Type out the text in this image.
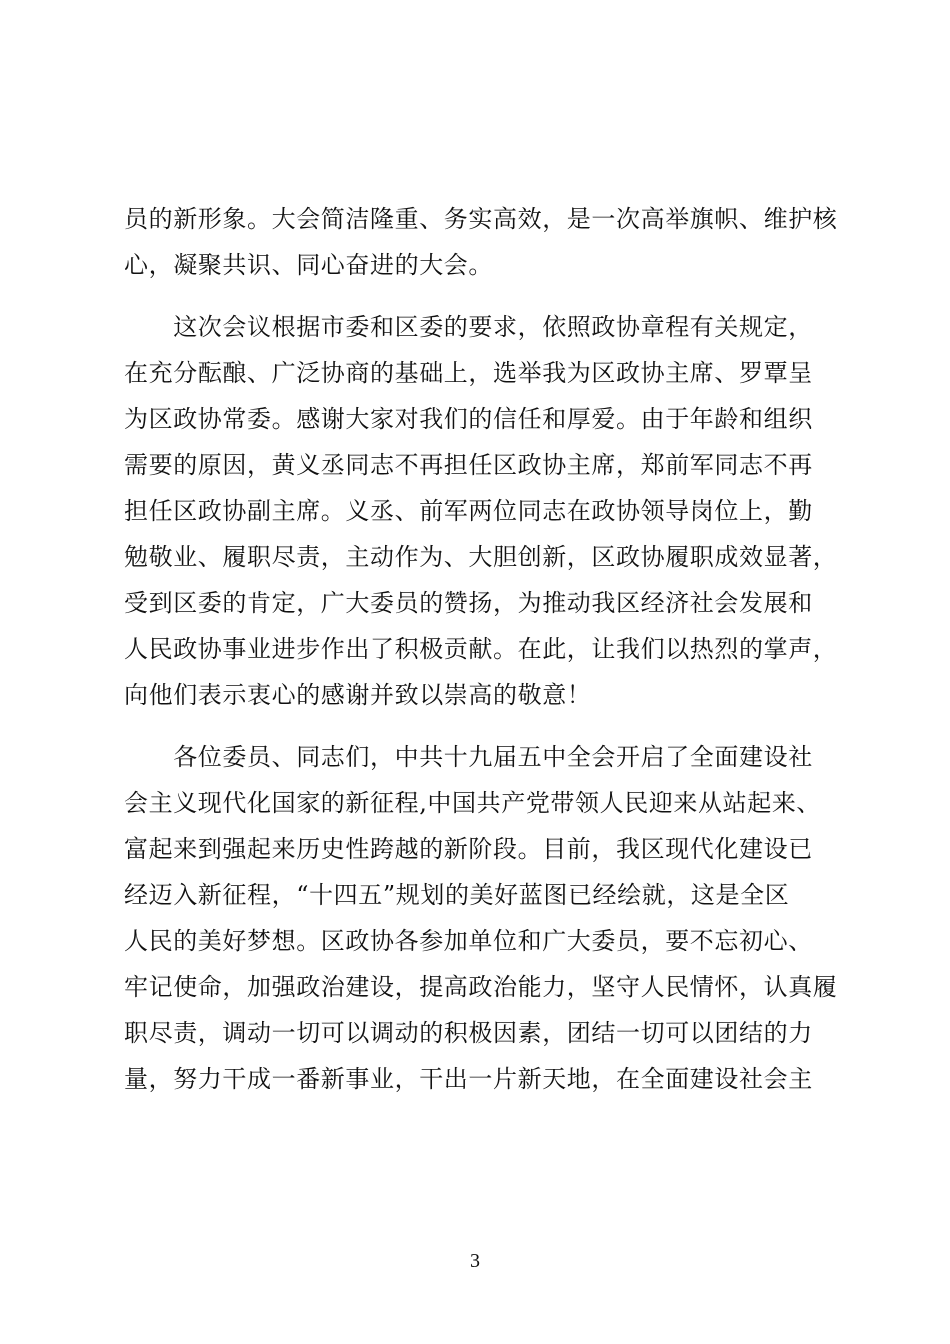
员的新形象。大会简洁隆重、务实高效，是一次高举旗帜、维护核
心，凝聚共识、同心奋进的大会。
　　这次会议根据市委和区委的要求，依照政协章程有关规定，
在充分酝酿、广泛协商的基础上，选举我为区政协主席、罗覃呈
为区政协常委。感谢大家对我们的信任和厚爱。由于年龄和组织
需要的原因，黄义丞同志不再担任区政协主席，郑前军同志不再
担任区政协副主席。义丞、前军两位同志在政协领导岗位上，勤
勉敬业、履职尽责，主动作为、大胆创新，区政协履职成效显著，
受到区委的肯定，广大委员的赞扬，为推动我区经济社会发展和
人民政协事业进步作出了积极贡献。在此，让我们以热烈的掌声，
向他们表示衷心的感谢并致以崇高的敬意！
　　各位委员、同志们，中共十九届五中全会开启了全面建设社
会主义现代化国家的新征程,中国共产党带领人民迎来从站起来、
富起来到强起来历史性跨越的新阶段。目前，我区现代化建设已
经迈入新征程，“十四五”规划的美好蓝图已经绘就，这是全区
人民的美好梦想。区政协各参加单位和广大委员，要不忘初心、
牢记使命，加强政治建设，提高政治能力，坚守人民情怀，认真履
职尽责，调动一切可以调动的积极因素，团结一切可以团结的力
量，努力干成一番新事业，干出一片新天地，在全面建设社会主
3
